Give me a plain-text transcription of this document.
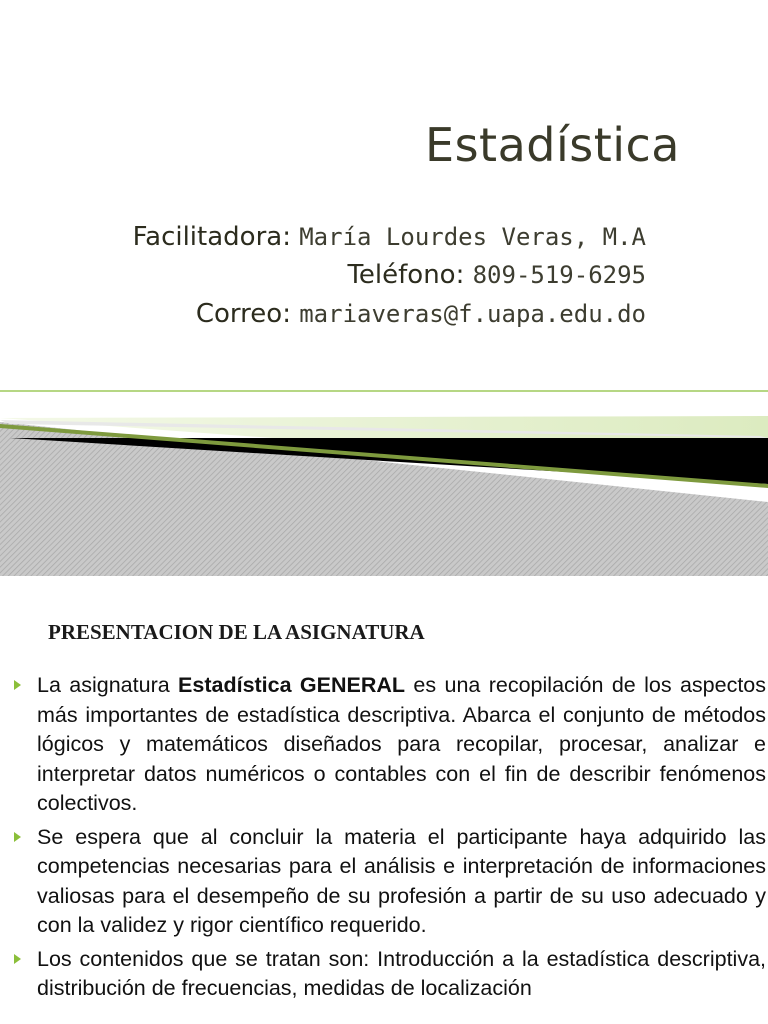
Estadística
Facilitadora: María Lourdes Veras, M.A
Teléfono: 809-519-6295
Correo: mariaveras@f.uapa.edu.do
PRESENTACION DE LA ASIGNATURA
La asignatura Estadística GENERAL es una recopilación de los aspectos más importantes de estadística descriptiva. Abarca el conjunto de métodos lógicos y matemáticos diseñados para recopilar, procesar, analizar e interpretar datos numéricos o contables con el fin de describir fenómenos colectivos.
Se espera que al concluir la materia el participante haya adquirido las competencias necesarias para el análisis e interpretación de informaciones valiosas para el desempeño de su profesión a partir de su uso adecuado y con la validez y rigor científico requerido.
Los contenidos que se tratan son: Introducción a la estadística descriptiva, distribución de frecuencias, medidas de localización
